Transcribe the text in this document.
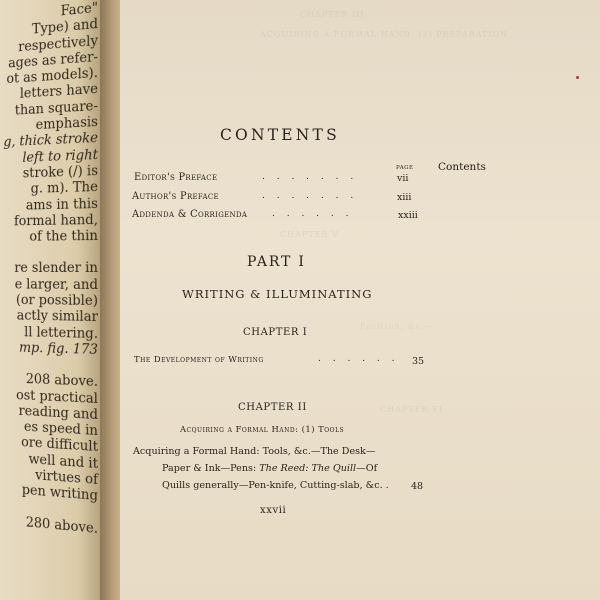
Face"
Type) and
respectively
ages as refer-
ot as models).
letters have
than square-
emphasis
g, thick stroke
left to right
stroke (/) is
g. m). The
ams in this
formal hand,
of the thin
re slender in
e larger, and
(or possible)
actly similar
ll lettering.
mp. fig. 173
208 above.
ost practical
reading and
es speed in
ore difficult
well and it
virtues of
pen writing
280 above.
CHAPTER III
ACQUIRING A FORMAL HAND: (2) PREPARATION
CHAPTER V
Position, &c.—
CHAPTER VI
CONTENTS
PAGE Contents
Editor's Preface	. . . . . . .	vii
Author's Preface	. . . . . . .	xiii
Addenda & Corrigenda	. . . . . .	xxiii
PART I
WRITING & ILLUMINATING
CHAPTER I
The Development of Writing	. . . . . . 35
CHAPTER II
Acquiring a Formal Hand: (1) Tools
Acquiring a Formal Hand: Tools, &c.—The Desk—
Paper & Ink—Pens: The Reed: The Quill—Of
Quills generally—Pen-knife, Cutting-slab, &c. . 48
xxvii
